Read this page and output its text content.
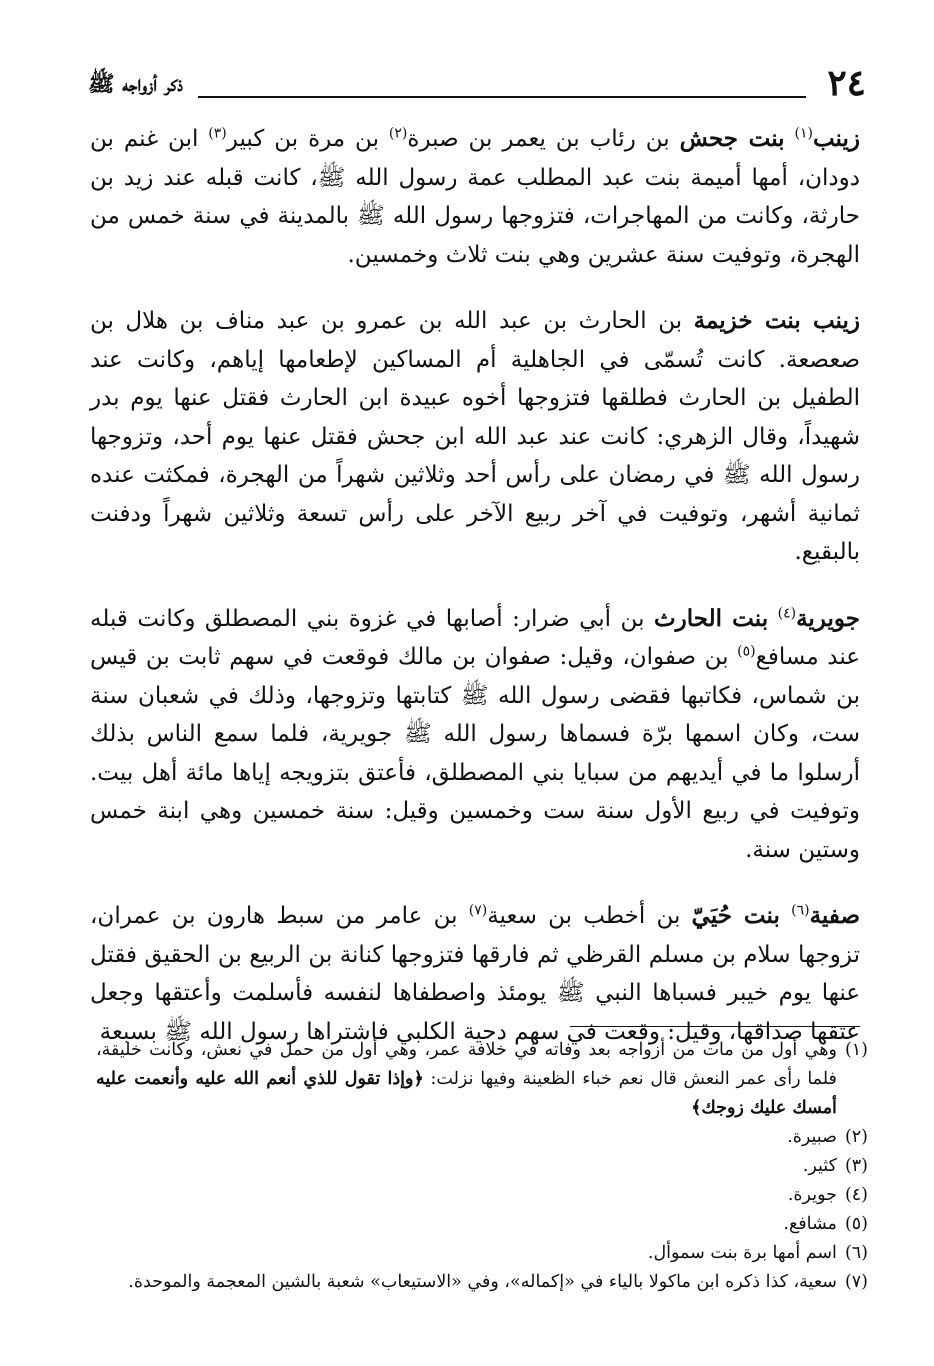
٢٤
ذكر أزواجه ﷺ

زينب$^{(١)}$ بنت جحش بن رئاب بن يعمر بن صبرة$^{(٢)}$ بن مرة بن كبير$^{(٣)}$ ابن غنم بن دودان، أمها أميمة بنت عبد المطلب عمة رسول الله ﷺ، كانت قبله عند زيد بن حارثة، وكانت من المهاجرات، فتزوجها رسول الله ﷺ بالمدينة في سنة خمس من الهجرة، وتوفيت سنة عشرين وهي بنت ثلاث وخمسين.

زينب بنت خزيمة بن الحارث بن عبد الله بن عمرو بن عبد مناف بن هلال بن صعصعة. كانت تُسمّى في الجاهلية أم المساكين لإطعامها إياهم، وكانت عند الطفيل بن الحارث فطلقها فتزوجها أخوه عبيدة ابن الحارث فقتل عنها يوم بدر شهيداً، وقال الزهري: كانت عند عبد الله ابن جحش فقتل عنها يوم أحد، وتزوجها رسول الله ﷺ في رمضان على رأس أحد وثلاثين شهراً من الهجرة، فمكثت عنده ثمانية أشهر، وتوفيت في آخر ربيع الآخر على رأس تسعة وثلاثين شهراً ودفنت بالبقيع.

جويرية$^{(٤)}$ بنت الحارث بن أبي ضرار: أصابها في غزوة بني المصطلق وكانت قبله عند مسافع$^{(٥)}$ بن صفوان، وقيل: صفوان بن مالك فوقعت في سهم ثابت بن قيس بن شماس، فكاتبها فقضى رسول الله ﷺ كتابتها وتزوجها، وذلك في شعبان سنة ست، وكان اسمها برّة فسماها رسول الله ﷺ جويرية، فلما سمع الناس بذلك أرسلوا ما في أيديهم من سبايا بني المصطلق، فأعتق بتزويجه إياها مائة أهل بيت. وتوفيت في ربيع الأول سنة ست وخمسين وقيل: سنة خمسين وهي ابنة خمس وستين سنة.

صفية$^{(٦)}$ بنت حُيَيّ بن أخطب بن سعية$^{(٧)}$ بن عامر من سبط هارون بن عمران، تزوجها سلام بن مسلم القرظي ثم فارقها فتزوجها كنانة بن الربيع بن الحقيق فقتل عنها يوم خيبر فسباها النبي ﷺ يومئذ واصطفاها لنفسه فأسلمت وأعتقها وجعل عتقها صداقها، وقيل: وقعت في سهم دحية الكلبي فاشتراها رسول الله ﷺ بسبعة

(١)
وهي أول من مات من أزواجه بعد وفاته في خلافة عمر، وهي أول من حمل في نعش، وكانت خليقة، فلما رأى عمر النعش قال نعم خباء الظعينة وفيها نزلت: ﴿وإذا تقول للذي أنعم الله عليه وأنعمت عليه أمسك عليك زوجك﴾

(٢)
صبيرة.

(٣)
كثير.

(٤)
جويرة.

(٥)
مشافع.

(٦)
اسم أمها برة بنت سموأل.

(٧)
سعية، كذا ذكره ابن ماكولا بالياء في «إكماله»، وفي «الاستيعاب» شعبة بالشين المعجمة والموحدة.
